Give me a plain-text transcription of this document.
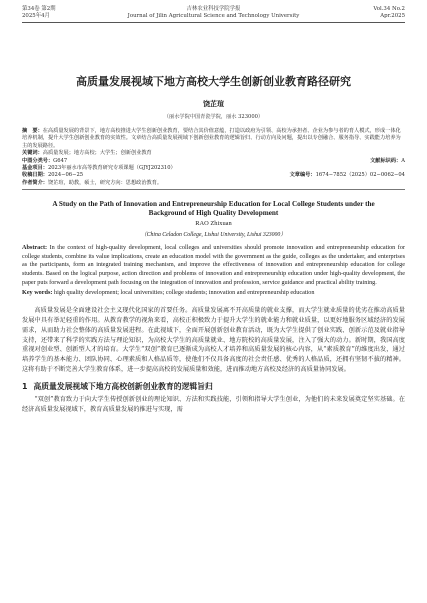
第34卷 第2期
2025年4月
吉林农业科技学院学报
Journal of Jilin Agricultural Science and Technology University
Vol.34 No.2
Apr.2025
高质量发展视域下地方高校大学生创新创业教育路径研究
饶芷瑄
（丽水学院中国青瓷学院，丽水 323000）
摘　要：在高质量发展的背景下，地方高校推进大学生创新创业教育，要结合其价值意蕴，打造以政府为引领、高校为承担者、企业为参与者的育人模式，形成一体化培养机制，提升大学生创新创业教育的实效性。文章结合高质量发展视域下创新创业教育的逻辑旨归、行动方向及问题，提出以专创融合、服务指导、实践能力培养为主的发展路径。
关键词：高质量发展；地方高校；大学生；创新创业教育
中图分类号：G647	文献标识码：A
基金项目：2023年丽水市高等教育研究专项课题（GJYJ202310）
收稿日期：2024−06−25	文章编号：1674−7852（2025）02−0062−04
作者简介：饶芷瑄，助教，硕士，研究方向：思想政治教育。
A Study on the Path of Innovation and Entrepreneurship Education for Local College Students under the Background of High Quality Development
RAO Zhixuan
（China Celadon College, Lishui University, Lishui 323000）
Abstract: In the context of high-quality development, local colleges and universities should promote innovation and entrepreneurship education for college students, combine its value implications, create an education model with the government as the guide, colleges as the undertaker, and enterprises as the participants, form an integrated training mechanism, and improve the effectiveness of innovation and entrepreneurship education for college students. Based on the logical purpose, action direction and problems of innovation and entrepreneurship education under high-quality development, the paper puts forward a development path focusing on the integration of innovation and profession, service guidance and practical ability training.
Key words: high quality development; local universities; college students; innovation and entrepreneurship education

高质量发展是全面建设社会主义现代化国家的首要任务。高质量发展离不开高质量的就业支撑，而大学生就业质量的优劣在推动高质量发展中具有举足轻重的作用。从教育教学的视角来看，高校正积极致力于提升大学生的就业能力和就业质量，以更好地服务区域经济的发展需求，从而助力社会整体的高质量发展进程。在此视域下，全面开展创新创业教育活动，既为大学生提供了创业实践、创新示范及就业指导支持，还带来了科学的实践方法与理论知识，为高校大学生的高质量就业、地方院校的高质量发展，注入了强大的动力。新时期，我国高度重视对创业型、创新型人才的培育。大学生“双创”教育已逐渐成为高校人才培养和高质量发展的核心内容，从“素质教育”的维度出发，通过培养学生的基本能力、团队协同、心理素质和人格品质等，使他们不仅具备高度的社会责任感、优秀的人格品质，还拥有坚韧不拔的精神。这将有助于不断完善大学生教育体系，进一步提高高校的发展质量和效能，进而推动地方高校及经济的高质量协同发展。

1 高质量发展视域下地方高校创新创业教育的逻辑旨归

“双创”教育致力于向大学生传授创新创业的理论知识、方法和实践技能，引领和指导大学生创业，为他们的未来发展奠定坚实基础。在经济高质量发展视域下，教育高质量发展的推进与实现，需
